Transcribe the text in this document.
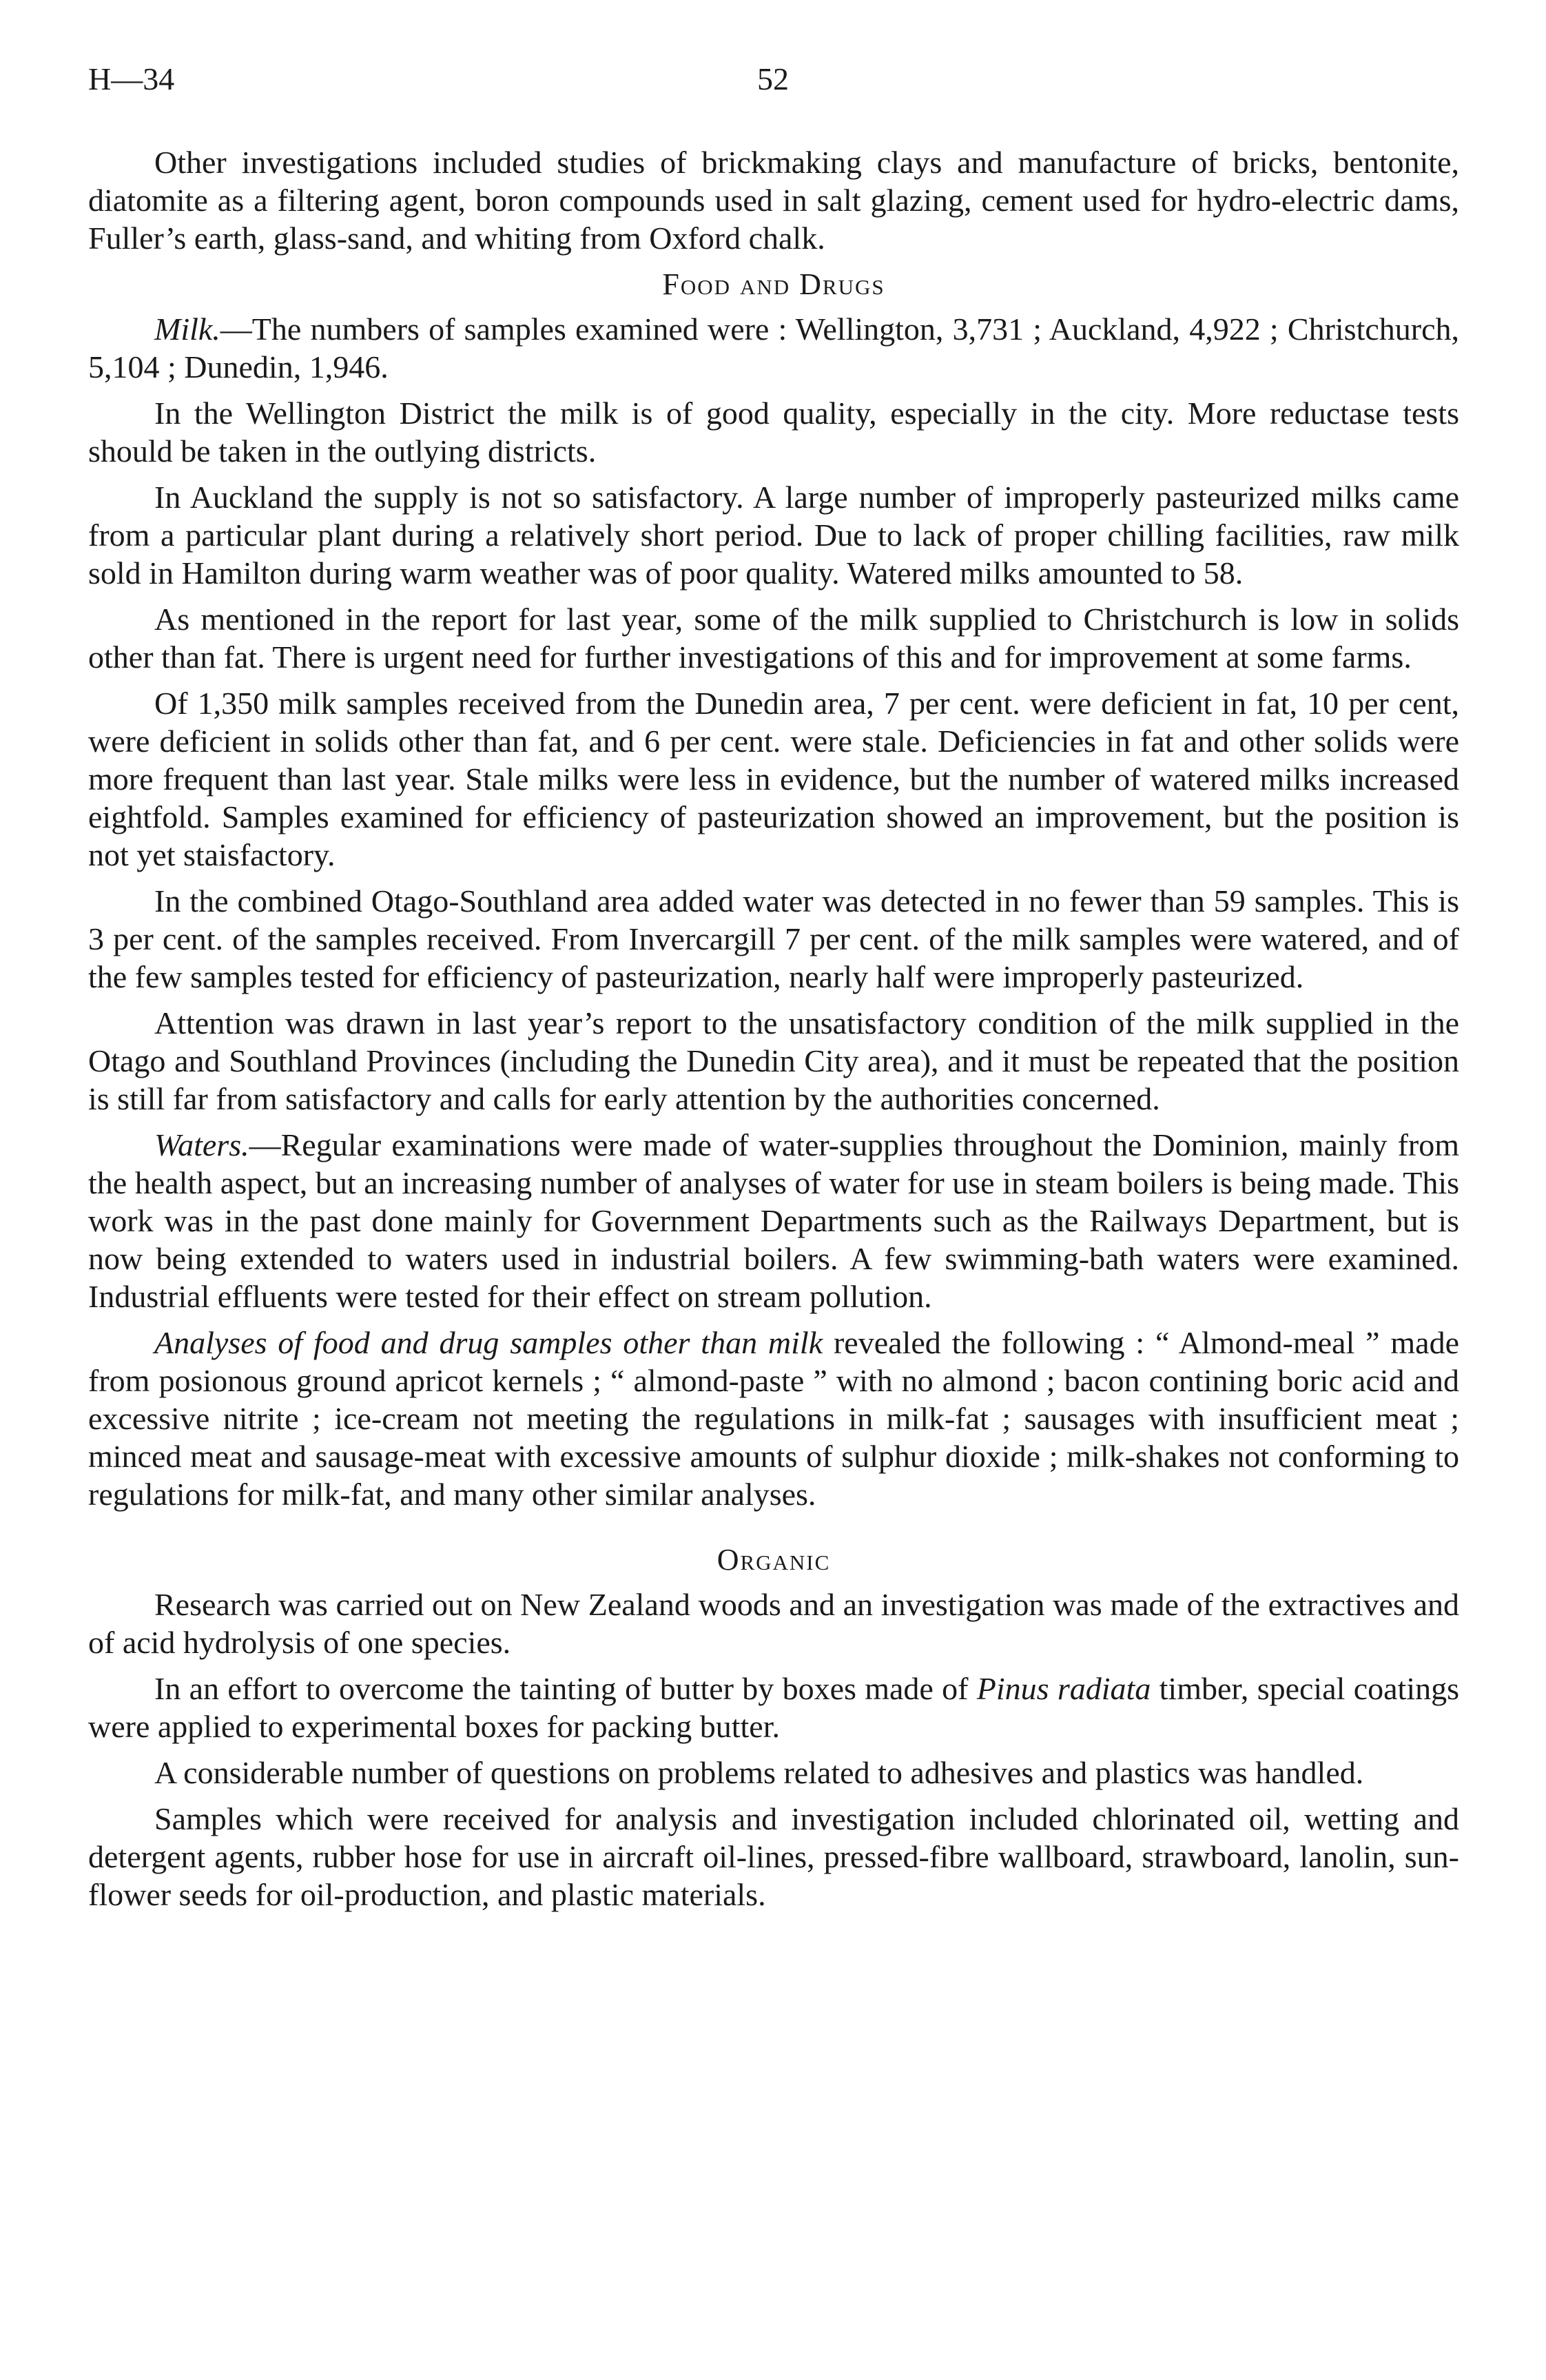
H—34	52

Other investigations included studies of brickmaking clays and manufacture of bricks, bentonite, diatomite as a filtering agent, boron compounds used in salt glazing, cement used for hydro-electric dams, Fuller’s earth, glass-sand, and whiting from Oxford chalk.

Food and Drugs

Milk.—The numbers of samples examined were : Wellington, 3,731 ; Auckland, 4,922 ; Christchurch, 5,104 ; Dunedin, 1,946.

In the Wellington District the milk is of good quality, especially in the city. More reductase tests should be taken in the outlying districts.

In Auckland the supply is not so satisfactory. A large number of improperly pasteurized milks came from a particular plant during a relatively short period. Due to lack of proper chilling facilities, raw milk sold in Hamilton during warm weather was of poor quality. Watered milks amounted to 58.

As mentioned in the report for last year, some of the milk supplied to Christchurch is low in solids other than fat. There is urgent need for further investigations of this and for improvement at some farms.

Of 1,350 milk samples received from the Dunedin area, 7 per cent. were deficient in fat, 10 per cent, were deficient in solids other than fat, and 6 per cent. were stale. Deficiencies in fat and other solids were more frequent than last year. Stale milks were less in evidence, but the number of watered milks increased eightfold. Samples examined for efficiency of pasteurization showed an improvement, but the position is not yet staisfactory.

In the combined Otago-Southland area added water was detected in no fewer than 59 samples. This is 3 per cent. of the samples received. From Invercargill 7 per cent. of the milk samples were watered, and of the few samples tested for efficiency of pasteurization, nearly half were improperly pasteurized.

Attention was drawn in last year’s report to the unsatisfactory condition of the milk supplied in the Otago and Southland Provinces (including the Dunedin City area), and it must be repeated that the position is still far from satisfactory and calls for early attention by the authorities concerned.

Waters.—Regular examinations were made of water-supplies throughout the Dominion, mainly from the health aspect, but an increasing number of analyses of water for use in steam boilers is being made. This work was in the past done mainly for Government Departments such as the Railways Department, but is now being extended to waters used in industrial boilers. A few swimming-bath waters were examined. Industrial effluents were tested for their effect on stream pollution.

Analyses of food and drug samples other than milk revealed the following : “ Almond-meal ” made from posionous ground apricot kernels ; “ almond-paste ” with no almond ; bacon contining boric acid and excessive nitrite ; ice-cream not meeting the regulations in milk-fat ; sausages with insufficient meat ; minced meat and sausage-meat with excessive amounts of sulphur dioxide ; milk-shakes not conforming to regulations for milk-fat, and many other similar analyses.

Organic

Research was carried out on New Zealand woods and an investigation was made of the extractives and of acid hydrolysis of one species.

In an effort to overcome the tainting of butter by boxes made of Pinus radiata timber, special coatings were applied to experimental boxes for packing butter.

A considerable number of questions on problems related to adhesives and plastics was handled.

Samples which were received for analysis and investigation included chlorinated oil, wetting and detergent agents, rubber hose for use in aircraft oil-lines, pressed-fibre wallboard, strawboard, lanolin, sun-flower seeds for oil-production, and plastic materials.
